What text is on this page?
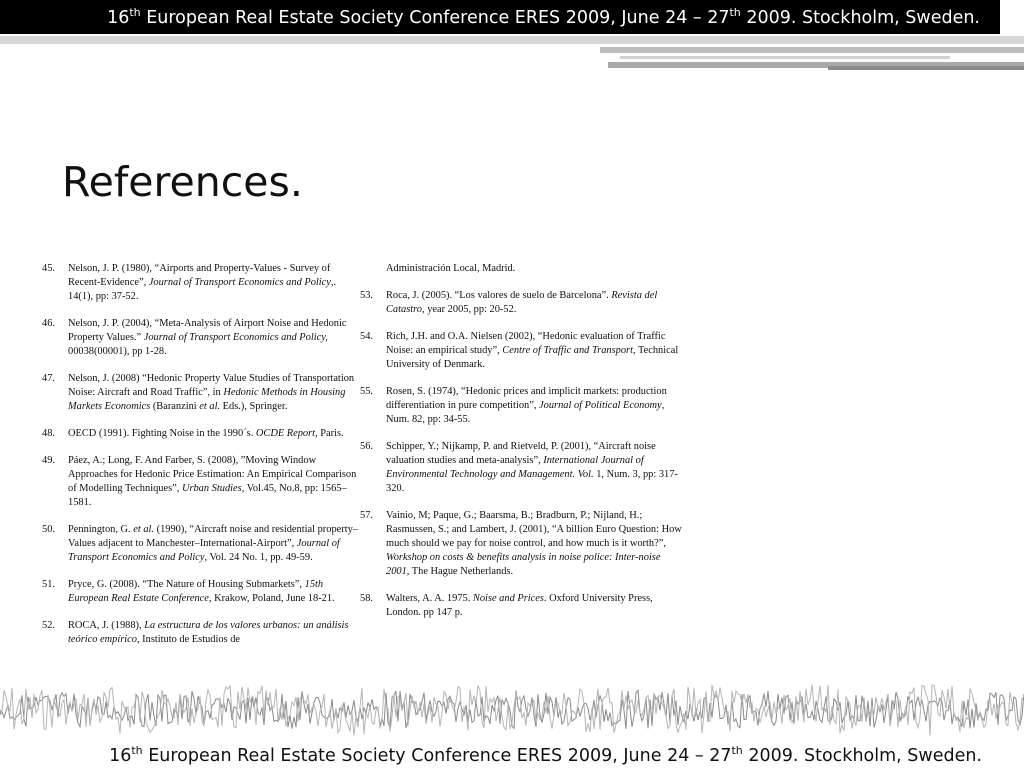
16th European Real Estate Society Conference ERES 2009, June 24 – 27th 2009. Stockholm, Sweden.
References.
45. Nelson, J. P. (1980), “Airports and Property-Values - Survey of Recent-Evidence”, Journal of Transport Economics and Policy,. 14(1), pp: 37-52.
46. Nelson, J. P. (2004), “Meta-Analysis of Airport Noise and Hedonic Property Values.” Journal of Transport Economics and Policy, 00038(00001), pp 1-28.
47. Nelson, J. (2008) “Hedonic Property Value Studies of Transportation Noise: Aircraft and Road Traffic”, in Hedonic Methods in Housing Markets Economics (Baranzini et al. Eds.), Springer.
48. OECD (1991). Fighting Noise in the 1990´s. OCDE Report, Paris.
49. Páez, A.; Long, F. And Farber, S. (2008), ”Moving Window Approaches for Hedonic Price Estimation: An Empirical Comparison of Modelling Techniques”, Urban Studies, Vol.45, No.8, pp: 1565–1581.
50. Pennington, G. et al. (1990), “Aircraft noise and residential property–Values adjacent to Manchester–International-Airport”, Journal of Transport Economics and Policy, Vol. 24 No. 1, pp. 49-59.
51. Pryce, G. (2008). “The Nature of Housing Submarkets”, 15th European Real Estate Conference, Krakow, Poland, June 18-21.
52. ROCA, J. (1988), La estructura de los valores urbanos: un análisis teórico empírico, Instituto de Estudios de
Administración Local, Madrid.
53. Roca, J. (2005). “Los valores de suelo de Barcelona”. Revista del Catastro, year 2005, pp: 20-52.
54. Rich, J.H. and O.A. Nielsen (2002), “Hedonic evaluation of Traffic Noise: an empirical study”, Centre of Traffic and Transport, Technical University of Denmark.
55. Rosen, S. (1974), “Hedonic prices and implicit markets: production differentiation in pure competition”, Journal of Political Economy, Num. 82, pp: 34-55.
56. Schipper, Y.; Nijkamp, P. and Rietveld, P. (2001), “Aircraft noise valuation studies and meta-analysis”, International Journal of Environmental Technology and Management. Vol. 1, Num. 3, pp: 317-320.
57. Vainio, M; Paque, G.; Baarsma, B.; Bradburn, P.; Nijland, H.; Rasmussen, S.; and Lambert, J. (2001), “A billion Euro Question: How much should we pay for noise control, and how much is it worth?”, Workshop on costs & benefits analysis in noise police: Inter-noise 2001, The Hague Netherlands.
58. Walters, A. A. 1975. Noise and Prices. Oxford University Press, London. pp 147 p.
16th European Real Estate Society Conference ERES 2009, June 24 – 27th 2009. Stockholm, Sweden.
